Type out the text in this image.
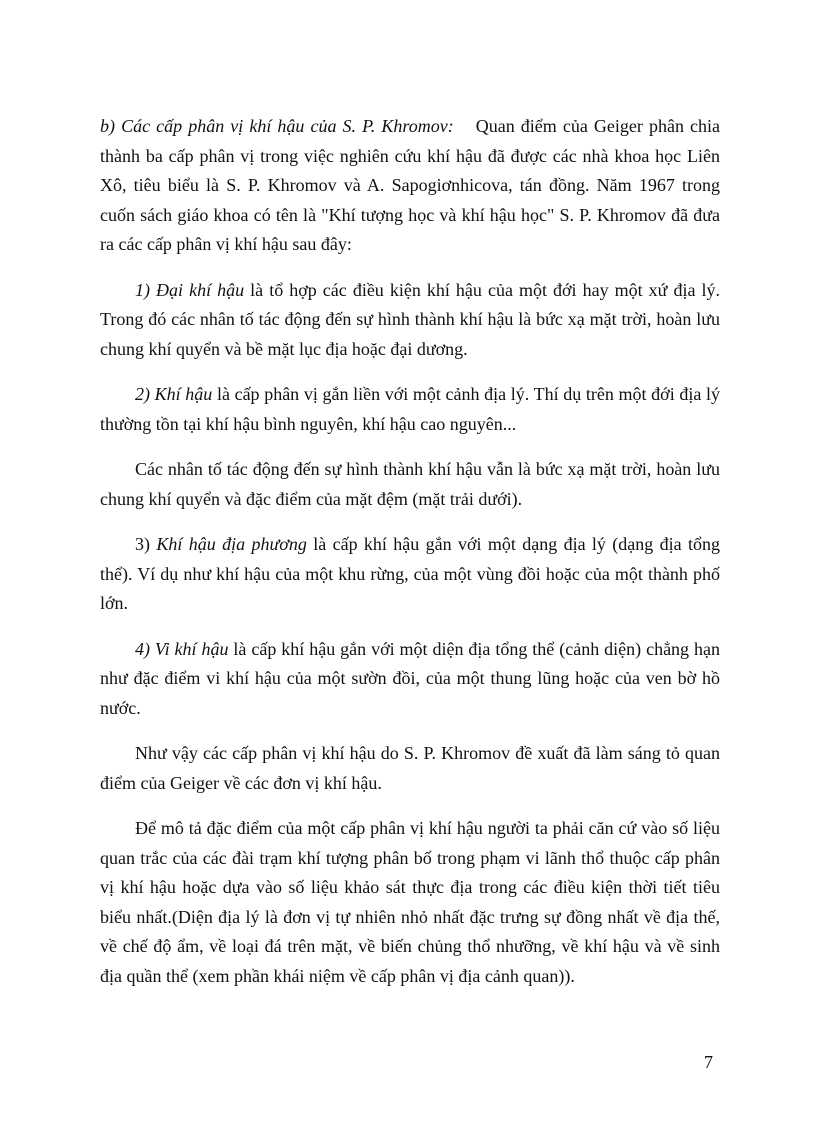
b) Các cấp phân vị khí hậu của S. P. Khromov: Quan điểm của Geiger phân chia thành ba cấp phân vị trong việc nghiên cứu khí hậu đã được các nhà khoa học Liên Xô, tiêu biểu là S. P. Khromov và A. Sapogiơnhicova, tán đồng. Năm 1967 trong cuốn sách giáo khoa có tên là "Khí tượng học và khí hậu học" S. P. Khromov đã đưa ra các cấp phân vị khí hậu sau đây:

1) Đại khí hậu là tổ hợp các điều kiện khí hậu của một đới hay một xứ địa lý. Trong đó các nhân tố tác động đến sự hình thành khí hậu là bức xạ mặt trời, hoàn lưu chung khí quyển và bề mặt lục địa hoặc đại dương.

2) Khí hậu là cấp phân vị gắn liền với một cảnh địa lý. Thí dụ trên một đới địa lý thường tồn tại khí hậu bình nguyên, khí hậu cao nguyên...

Các nhân tố tác động đến sự hình thành khí hậu vẫn là bức xạ mặt trời, hoàn lưu chung khí quyển và đặc điểm của mặt đệm (mặt trải dưới).

3) Khí hậu địa phương là cấp khí hậu gắn với một dạng địa lý (dạng địa tổng thể). Ví dụ như khí hậu của một khu rừng, của một vùng đồi hoặc của một thành phố lớn.

4) Vi khí hậu là cấp khí hậu gắn với một diện địa tổng thể (cảnh diện) chẳng hạn như đặc điểm vi khí hậu của một sườn đồi, của một thung lũng hoặc của ven bờ hồ nước.

Như vậy các cấp phân vị khí hậu do S. P. Khromov đề xuất đã làm sáng tỏ quan điểm của Geiger về các đơn vị khí hậu.

Để mô tả đặc điểm của một cấp phân vị khí hậu người ta phải căn cứ vào số liệu quan trắc của các đài trạm khí tượng phân bố trong phạm vi lãnh thổ thuộc cấp phân vị khí hậu hoặc dựa vào số liệu khảo sát thực địa trong các điều kiện thời tiết tiêu biểu nhất.(Diện địa lý là đơn vị tự nhiên nhỏ nhất đặc trưng sự đồng nhất về địa thế, về chế độ ẩm, về loại đá trên mặt, về biến chủng thổ nhưỡng, về khí hậu và về sinh địa quần thể (xem phần khái niệm về cấp phân vị địa cảnh quan)).

7
